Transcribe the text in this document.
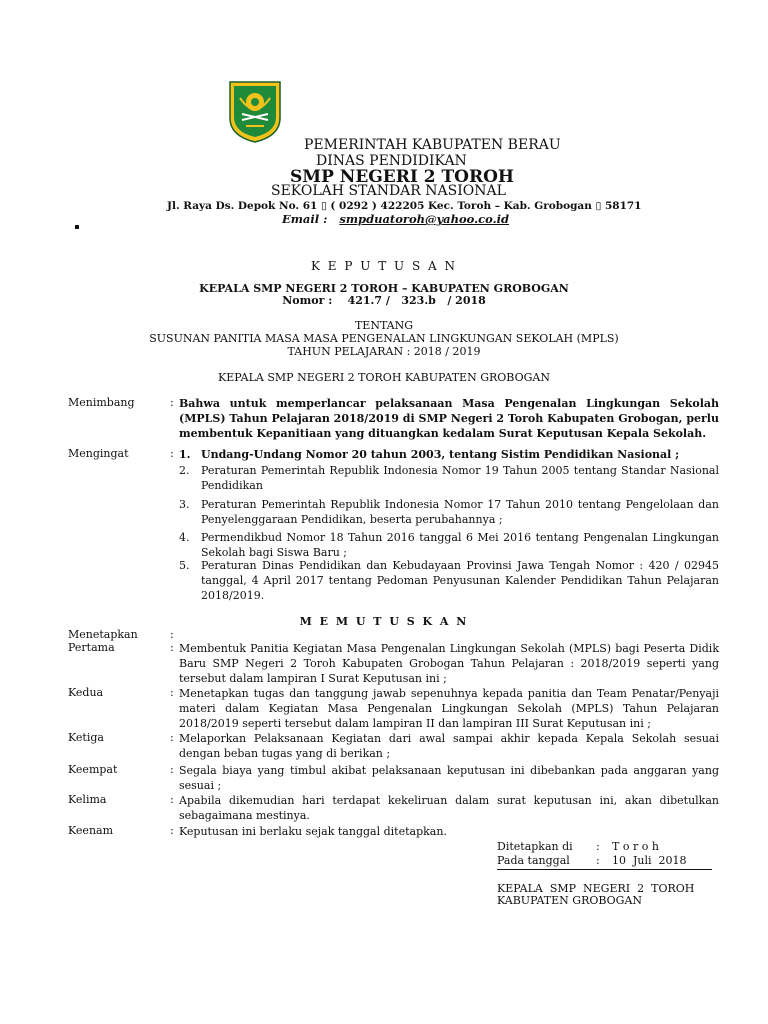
PEMERINTAH KABUPATEN BERAU
DINAS PENDIDIKAN
SMP NEGERI 2 TOROH
SEKOLAH STANDAR NASIONAL
Jl. Raya Ds. Depok No. 61 ▯ ( 0292 ) 422205 Kec. Toroh – Kab. Grobogan ▯ 58171
Email : smpduatoroh@yahoo.co.id
K E P U T U S A N
KEPALA SMP NEGERI 2 TOROH – KABUPATEN GROBOGAN
Nomor :    421.7 /   323.b   / 2018
TENTANG
SUSUNAN PANITIA MASA MASA PENGENALAN LINGKUNGAN SEKOLAH (MPLS)
TAHUN PELAJARAN : 2018 / 2019
KEPALA SMP NEGERI 2 TOROH KABUPATEN GROBOGAN
Menimbang	: Bahwa untuk memperlancar pelaksanaan Masa Pengenalan Lingkungan Sekolah (MPLS) Tahun Pelajaran 2018/2019 di SMP Negeri 2 Toroh Kabupaten Grobogan, perlu membentuk Kepanitiaan yang dituangkan kedalam Surat Keputusan Kepala Sekolah.
Mengingat	: 1. Undang-Undang Nomor 20 tahun 2003, tentang Sistim Pendidikan Nasional ;
2. Peraturan Pemerintah Republik Indonesia Nomor 19 Tahun 2005 tentang Standar Nasional Pendidikan
3. Peraturan Pemerintah Republik Indonesia Nomor 17 Tahun 2010 tentang Pengelolaan dan Penyelenggaraan Pendidikan, beserta perubahannya ;
4. Permendikbud Nomor 18 Tahun 2016 tanggal 6 Mei 2016 tentang Pengenalan Lingkungan Sekolah bagi Siswa Baru ;
5. Peraturan Dinas Pendidikan dan Kebudayaan Provinsi Jawa Tengah Nomor : 420 / 02945 tanggal, 4 April 2017 tentang Pedoman Penyusunan Kalender Pendidikan Tahun Pelajaran 2018/2019.
M E M U T U S K A N
Menetapkan	:
Pertama	: Membentuk Panitia Kegiatan Masa Pengenalan Lingkungan Sekolah (MPLS) bagi Peserta Didik Baru SMP Negeri 2 Toroh Kabupaten Grobogan Tahun Pelajaran : 2018/2019 seperti yang tersebut dalam lampiran I Surat Keputusan ini ;
Kedua	: Menetapkan tugas dan tanggung jawab sepenuhnya kepada panitia dan Team Penatar/Penyaji materi dalam Kegiatan Masa Pengenalan Lingkungan Sekolah (MPLS) Tahun Pelajaran 2018/2019 seperti tersebut dalam lampiran II dan lampiran III Surat Keputusan ini ;
Ketiga	: Melaporkan Pelaksanaan Kegiatan dari awal sampai akhir kepada Kepala Sekolah sesuai dengan beban tugas yang di berikan ;
Keempat	: Segala biaya yang timbul akibat pelaksanaan keputusan ini dibebankan pada anggaran yang sesuai ;
Kelima	: Apabila dikemudian hari terdapat kekeliruan dalam surat keputusan ini, akan dibetulkan sebagaimana mestinya.
Keenam	: Keputusan ini berlaku sejak tanggal ditetapkan.
Ditetapkan di : T o r o h
Pada tanggal : 10  Juli  2018
KEPALA  SMP  NEGERI  2  TOROH
KABUPATEN GROBOGAN
